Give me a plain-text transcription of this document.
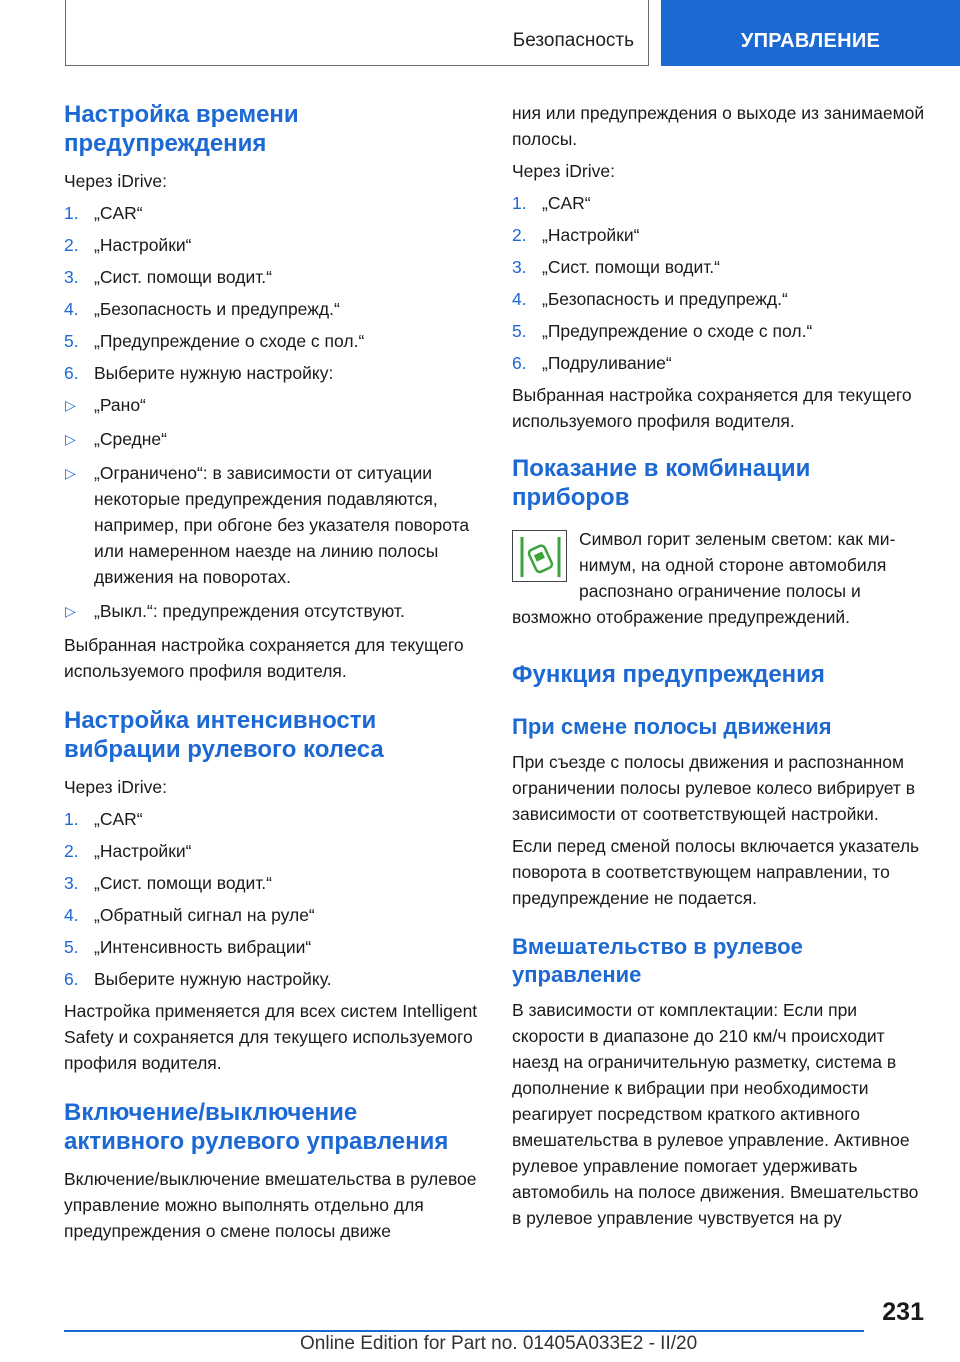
Безопасность	УПРАВЛЕНИЕ
Настройка времени предупреждения

Через iDrive:

1. „CAR“
2. „Настройки“
3. „Сист. помощи водит.“
4. „Безопасность и предупрежд.“
5. „Предупреждение о сходе с пол.“
6. Выберите нужную настройку:
▷ „Рано“
▷ „Средне“
▷ „Ограничено“: в зависимости от ситуации некоторые предупреждения подавляются, например, при обгоне без указателя поворота или намеренном наезде на линию полосы движения на поворотах.
▷ „Выкл.“: предупреждения отсутствуют.

Выбранная настройка сохраняется для текущего используемого профиля водителя.

Настройка интенсивности вибрации рулевого колеса

Через iDrive:

1. „CAR“
2. „Настройки“
3. „Сист. помощи водит.“
4. „Обратный сигнал на руле“
5. „Интенсивность вибрации“
6. Выберите нужную настройку.

Настройка применяется для всех систем Intelligent Safety и сохраняется для текущего используемого профиля водителя.

Включение/выключение активного рулевого управления

Включение/выключение вмешательства в рулевое управление можно выполнять отдельно для предупреждения о смене полосы движе

ния или предупреждения о выходе из занимаемой полосы.

Через iDrive:

1. „CAR“
2. „Настройки“
3. „Сист. помощи водит.“
4. „Безопасность и предупрежд.“
5. „Предупреждение о сходе с пол.“
6. „Подруливание“

Выбранная настройка сохраняется для текущего используемого профиля водителя.

Показание в комбинации приборов

Символ горит зеленым светом: как минимум, на одной стороне автомобиля распознано ограничение полосы и возможно отображение предупреждений.

Функция предупреждения
При смене полосы движения

При съезде с полосы движения и распознанном ограничении полосы рулевое колесо вибрирует в зависимости от соответствующей настройки.

Если перед сменой полосы включается указатель поворота в соответствующем направлении, то предупреждение не подается.

Вмешательство в рулевое управление

В зависимости от комплектации: Если при скорости в диапазоне до 210 км/ч происходит наезд на ограничительную разметку, система в дополнение к вибрации при необходимости реагирует посредством краткого активного вмешательства в рулевое управление. Активное рулевое управление помогает удерживать автомобиль на полосе движения. Вмешательство в рулевое управление чувствуется на ру

231
Online Edition for Part no. 01405A033E2 - II/20
